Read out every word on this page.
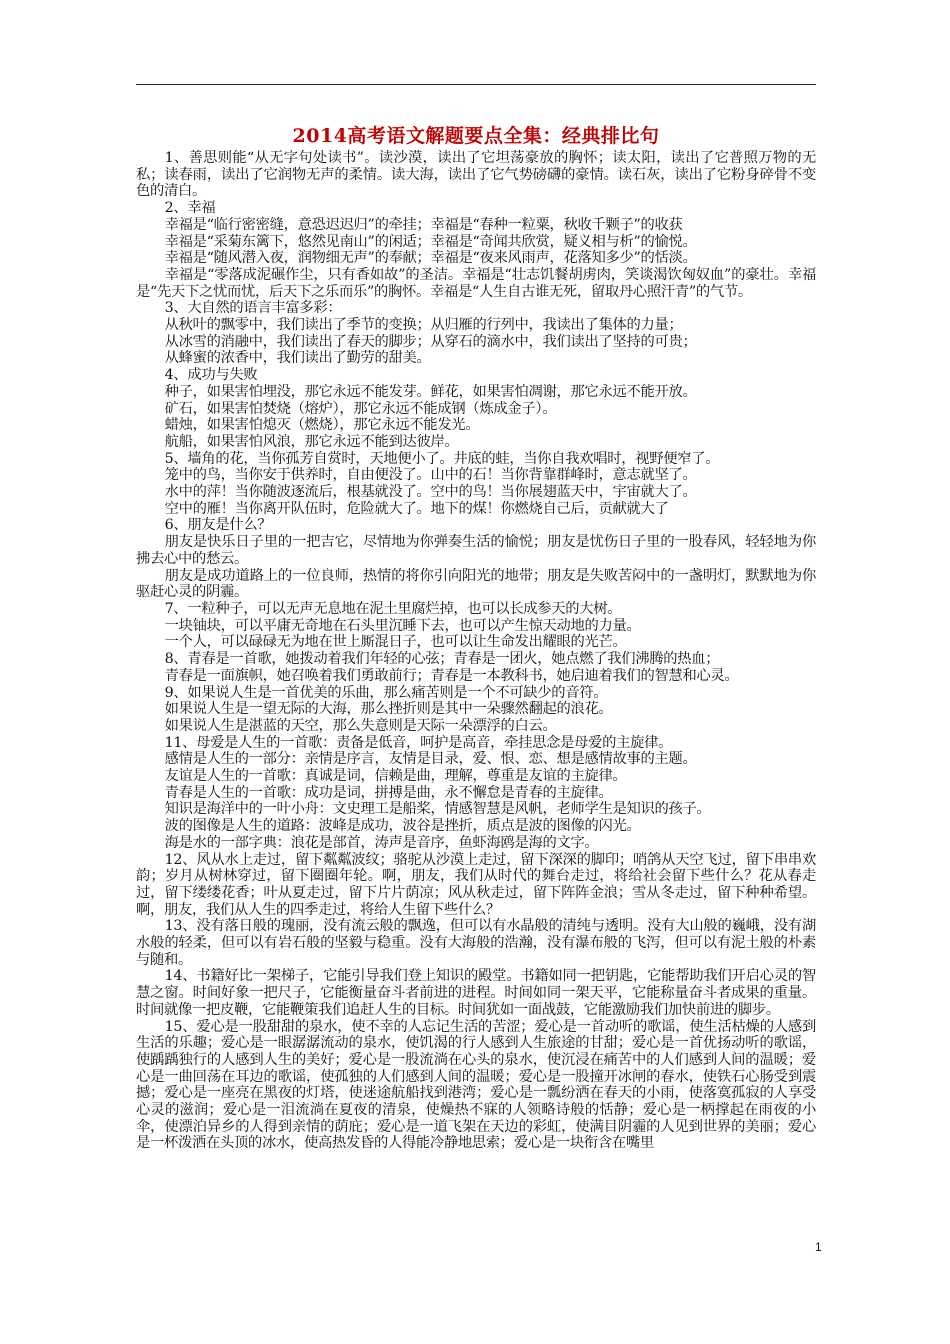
2014高考语文解题要点全集：经典排比句

1、善思则能“从无字句处读书”。读沙漠，读出了它坦荡豪放的胸怀；读太阳，读出了它普照万物的无私；读春雨，读出了它润物无声的柔情。读大海，读出了它气势磅礴的豪情。读石灰，读出了它粉身碎骨不变色的清白。

2、幸福

幸福是“临行密密缝，意恐迟迟归”的牵挂；幸福是“春种一粒粟，秋收千颗子”的收获

幸福是“采菊东篱下，悠然见南山”的闲适；幸福是“奇闻共欣赏，疑义相与析”的愉悦。

幸福是“随风潜入夜，润物细无声”的奉献；幸福是“夜来风雨声，花落知多少”的恬淡。

幸福是“零落成泥碾作尘，只有香如故”的圣洁。幸福是“壮志饥餐胡虏肉，笑谈渴饮匈奴血”的豪壮。幸福是“先天下之忧而忧，后天下之乐而乐”的胸怀。幸福是“人生自古谁无死，留取丹心照汗青”的气节。

3、大自然的语言丰富多彩：

从秋叶的飘零中，我们读出了季节的变换；从归雁的行列中，我读出了集体的力量；

从冰雪的消融中，我们读出了春天的脚步；从穿石的滴水中，我们读出了坚持的可贵；

从蜂蜜的浓香中，我们读出了勤劳的甜美。

4、成功与失败

种子，如果害怕埋没，那它永远不能发芽。鲜花，如果害怕凋谢，那它永远不能开放。

矿石，如果害怕焚烧（熔炉），那它永远不能成钢（炼成金子）。

蜡烛，如果害怕熄灭（燃烧），那它永远不能发光。

航船，如果害怕风浪，那它永远不能到达彼岸。

5、墙角的花，当你孤芳自赏时，天地便小了。井底的蛙，当你自我欢唱时，视野便窄了。

笼中的鸟，当你安于供养时，自由便没了。山中的石！当你背靠群峰时，意志就坚了。

水中的萍！当你随波逐流后，根基就没了。空中的鸟！当你展翅蓝天中，宇宙就大了。

空中的雁！当你离开队伍时，危险就大了。地下的煤！你燃烧自己后，贡献就大了

6、朋友是什么？

朋友是快乐日子里的一把吉它，尽情地为你弹奏生活的愉悦；朋友是忧伤日子里的一股春风，轻轻地为你拂去心中的愁云。

朋友是成功道路上的一位良师，热情的将你引向阳光的地带；朋友是失败苦闷中的一盏明灯，默默地为你驱赶心灵的阴霾。

7、一粒种子，可以无声无息地在泥土里腐烂掉，也可以长成参天的大树。

一块铀块，可以平庸无奇地在石头里沉睡下去，也可以产生惊天动地的力量。

一个人，可以碌碌无为地在世上厮混日子，也可以让生命发出耀眼的光芒。

8、青春是一首歌，她拨动着我们年轻的心弦；青春是一团火，她点燃了我们沸腾的热血；

青春是一面旗帜，她召唤着我们勇敢前行；青春是一本教科书，她启迪着我们的智慧和心灵。

9、如果说人生是一首优美的乐曲，那么痛苦则是一个不可缺少的音符。

如果说人生是一望无际的大海，那么挫折则是其中一朵骤然翻起的浪花。

如果说人生是湛蓝的天空，那么失意则是天际一朵漂浮的白云。

11、母爱是人生的一首歌：责备是低音，呵护是高音，牵挂思念是母爱的主旋律。

感情是人生的一部分：亲情是序言，友情是目录，爱、恨、恋、想是感情故事的主题。

友谊是人生的一首歌：真诚是词，信赖是曲，理解，尊重是友谊的主旋律。

青春是人生的一首歌：成功是词，拼搏是曲，永不懈怠是青春的主旋律。

知识是海洋中的一叶小舟：文史理工是船桨，情感智慧是风帆，老师学生是知识的孩子。

波的图像是人生的道路：波峰是成功，波谷是挫折，质点是波的图像的闪光。

海是水的一部字典：浪花是部首，涛声是音序，鱼虾海鸥是海的文字。

12、风从水上走过，留下粼粼波纹；骆驼从沙漠上走过，留下深深的脚印；哨鸽从天空飞过，留下串串欢韵；岁月从树林穿过，留下圈圈年轮。啊，朋友，我们从时代的舞台走过，将给社会留下些什么？花从春走过，留下缕缕花香；叶从夏走过，留下片片荫凉；风从秋走过，留下阵阵金浪；雪从冬走过，留下种种希望。啊，朋友，我们从人生的四季走过，将给人生留下些什么？

13、没有落日般的瑰丽，没有流云般的飘逸，但可以有水晶般的清纯与透明。没有大山般的巍峨，没有湖水般的轻柔，但可以有岩石般的坚毅与稳重。没有大海般的浩瀚，没有瀑布般的飞泻，但可以有泥土般的朴素与随和。

14、书籍好比一架梯子，它能引导我们登上知识的殿堂。书籍如同一把钥匙，它能帮助我们开启心灵的智慧之窗。时间好象一把尺子，它能衡量奋斗者前进的进程。时间如同一架天平，它能称量奋斗者成果的重量。时间就像一把皮鞭，它能鞭策我们追赶人生的目标。时间犹如一面战鼓，它能激励我们加快前进的脚步。

15、爱心是一股甜甜的泉水，使不幸的人忘记生活的苦涩；爱心是一首动听的歌谣，使生活枯燥的人感到生活的乐趣；爱心是一眼潺潺流动的泉水，使饥渴的行人感到人生旅途的甘甜；爱心是一首优扬动听的歌谣，使踽踽独行的人感到人生的美好；爱心是一股流淌在心头的泉水，使沉浸在痛苦中的人们感到人间的温暖；爱心是一曲回荡在耳边的歌谣，使孤独的人们感到人间的温暖；爱心是一股撞开冰闸的春水，使铁石心肠受到震撼；爱心是一座亮在黑夜的灯塔，使迷途航船找到港湾；爱心是一瓢纷洒在春天的小雨，使落寞孤寂的人享受心灵的滋润；爱心是一泪流淌在夏夜的清泉，使燥热不寐的人领略诗般的恬静；爱心是一柄撑起在雨夜的小伞，使漂泊异乡的人得到亲情的荫庇；爱心是一道飞架在天边的彩虹，使满目阴霾的人见到世界的美丽；爱心是一杯泼洒在头顶的冰水，使高热发昏的人得能冷静地思索；爱心是一块衔含在嘴里

1
